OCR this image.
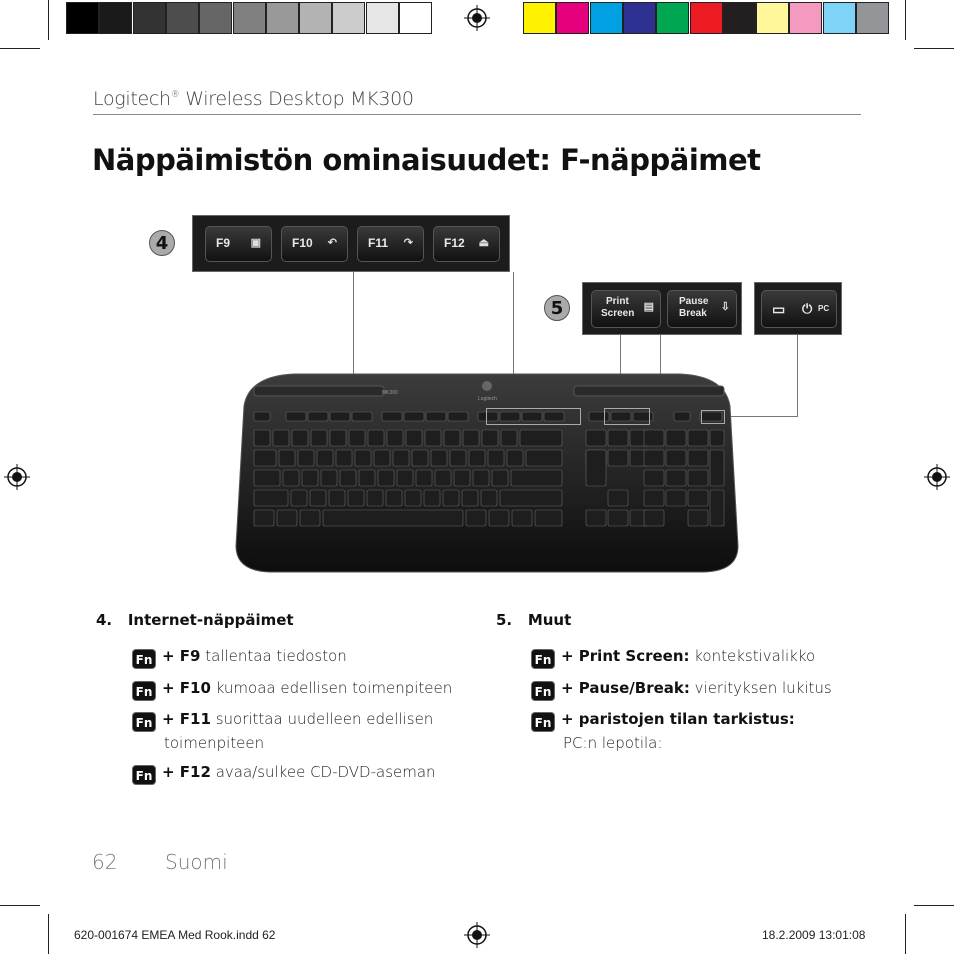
Logitech® Wireless Desktop MK300
Näppäimistön ominaisuudet: F-näppäimet
4	F9 ▣	F10 ↶	F11 ↷	F12 ⏏
5	Print
Screen
▤	Pause
Break
⇩	▭ ⏻ PC
MK300
Logitech
4. Internet-näppäimet
Fn + F9 tallentaa tiedoston
Fn + F10 kumoaa edellisen toimenpiteen
Fn + F11 suorittaa uudelleen edellisen
toimenpiteen
Fn + F12 avaa/sulkee CD-DVD-aseman
5. Muut
Fn + Print Screen: kontekstivalikko
Fn + Pause/Break: vierityksen lukitus
Fn + paristojen tilan tarkistus:
PC:n lepotila:
62 Suomi
620-001674 EMEA Med Rook.indd 62	18.2.2009 13:01:08
